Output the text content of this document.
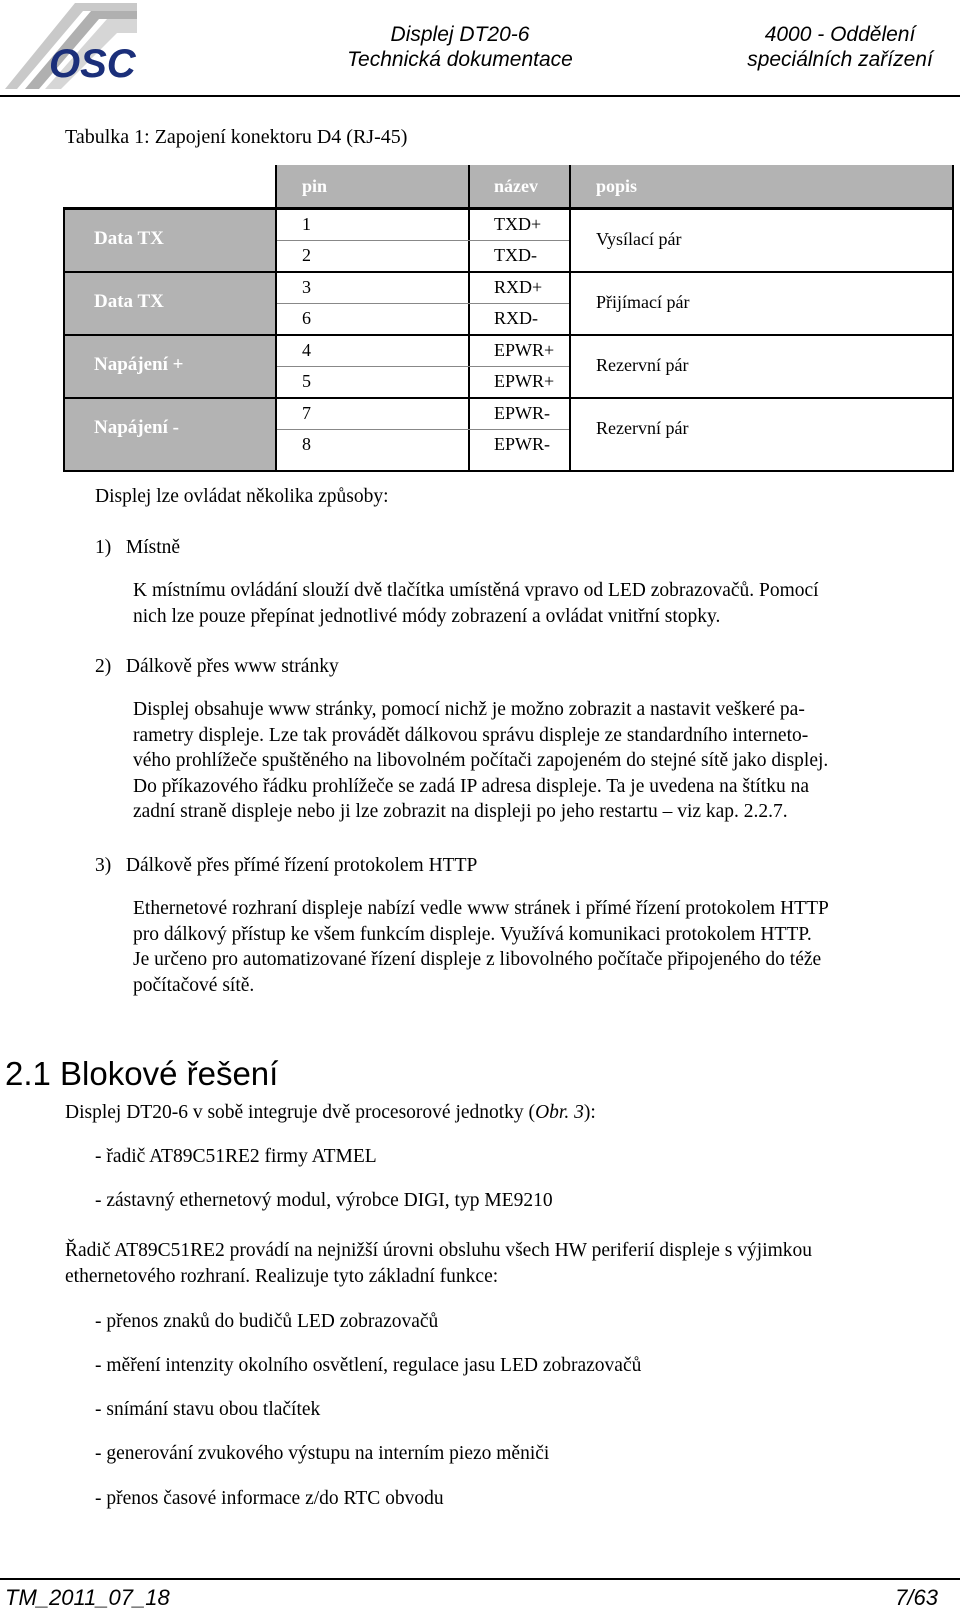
OSC
Displej DT20-6
Technická dokumentace
4000 - Oddělení
speciálních zařízení
Tabulka 1: Zapojení konektoru D4 (RJ-45)
pin	název	popis
Data TX
1	TXD+
2	TXD-
Vysílací pár
Data TX
3	RXD+
6	RXD-
Přijímací pár
Napájení +
4	EPWR+
5	EPWR+
Rezervní pár
Napájení -
7	EPWR-
8	EPWR-
Rezervní pár
Displej lze ovládat několika způsoby:
1) Místně
K místnímu ovládání slouží dvě tlačítka umístěná vpravo od LED zobrazovačů. Pomocí
nich lze pouze přepínat jednotlivé módy zobrazení a ovládat vnitřní stopky.
2) Dálkově přes www stránky
Displej obsahuje www stránky, pomocí nichž je možno zobrazit a nastavit veškeré pa-
rametry displeje. Lze tak provádět dálkovou správu displeje ze standardního interneto-
vého prohlížeče spuštěného na libovolném počítači zapojeném do stejné sítě jako displej.
Do příkazového řádku prohlížeče se zadá IP adresa displeje. Ta je uvedena na štítku na
zadní straně displeje nebo ji lze zobrazit na displeji po jeho restartu – viz kap. 2.2.7.
3) Dálkově přes přímé řízení protokolem HTTP
Ethernetové rozhraní displeje nabízí vedle www stránek i přímé řízení protokolem HTTP
pro dálkový přístup ke všem funkcím displeje. Využívá komunikaci protokolem HTTP.
Je určeno pro automatizované řízení displeje z libovolného počítače připojeného do téže
počítačové sítě.
2.1 Blokové řešení
Displej DT20-6 v sobě integruje dvě procesorové jednotky (Obr. 3):
- řadič AT89C51RE2 firmy ATMEL
- zástavný ethernetový modul, výrobce DIGI, typ ME9210
Řadič AT89C51RE2 provádí na nejnižší úrovni obsluhu všech HW periferií displeje s výjimkou
ethernetového rozhraní. Realizuje tyto základní funkce:
- přenos znaků do budičů LED zobrazovačů
- měření intenzity okolního osvětlení, regulace jasu LED zobrazovačů
- snímání stavu obou tlačítek
- generování zvukového výstupu na interním piezo měniči
- přenos časové informace z/do RTC obvodu
TM_2011_07_18	7/63
